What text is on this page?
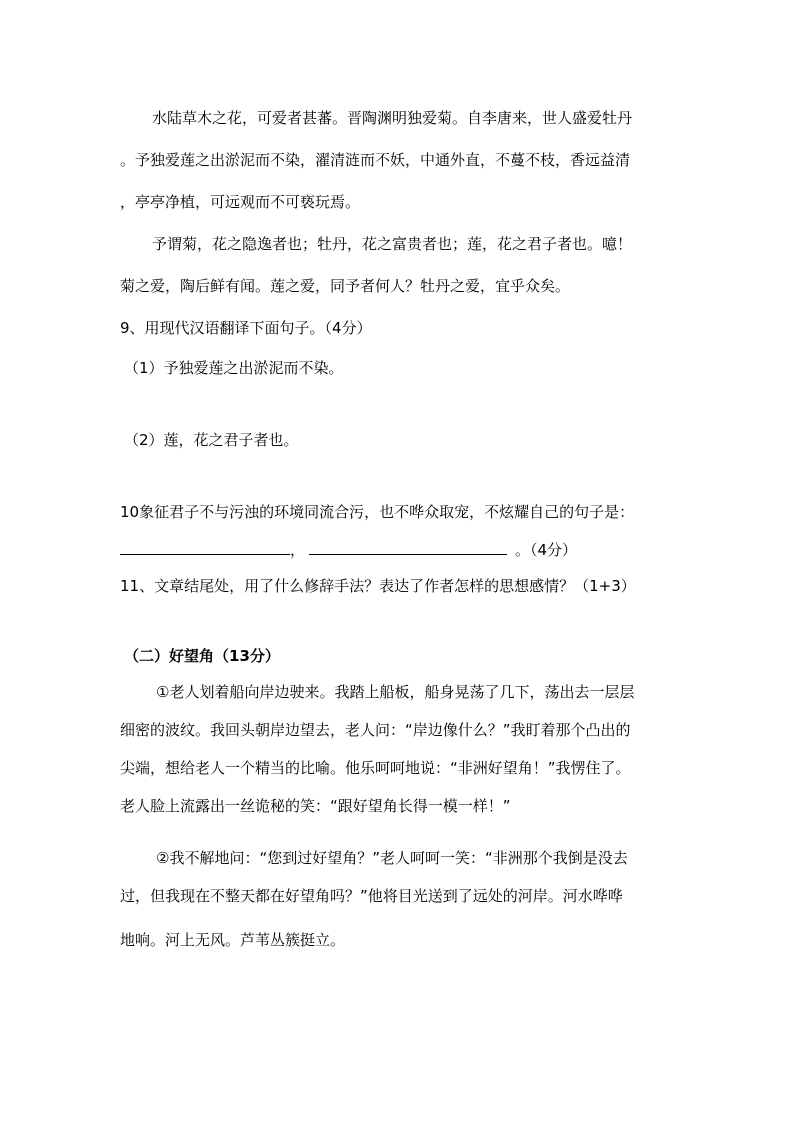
水陆草木之花，可爱者甚蕃。晋陶渊明独爱菊。自李唐来，世人盛爱牡丹
。予独爱莲之出淤泥而不染，濯清涟而不妖，中通外直，不蔓不枝，香远益清
，亭亭净植，可远观而不可亵玩焉。
予谓菊，花之隐逸者也；牡丹，花之富贵者也；莲，花之君子者也。噫！
菊之爱，陶后鲜有闻。莲之爱，同予者何人？牡丹之爱，宜乎众矣。
9、用现代汉语翻译下面句子。（4分）
（1）予独爱莲之出淤泥而不染。
（2）莲，花之君子者也。
10象征君子不与污浊的环境同流合污，也不哗众取宠，不炫耀自己的句子是：
，	。（4分）
11、文章结尾处，用了什么修辞手法？表达了作者怎样的思想感情？（1+3）
（二）好望角（13分）
①老人划着船向岸边驶来。我踏上船板，船身晃荡了几下，荡出去一层层
细密的波纹。我回头朝岸边望去，老人问：“岸边像什么？”我盯着那个凸出的
尖端，想给老人一个精当的比喻。他乐呵呵地说：“非洲好望角！”我愣住了。
老人脸上流露出一丝诡秘的笑：“跟好望角长得一模一样！”
②我不解地问：“您到过好望角？”老人呵呵一笑：“非洲那个我倒是没去
过，但我现在不整天都在好望角吗？”他将目光送到了远处的河岸。河水哗哗
地响。河上无风。芦苇丛簇挺立。
